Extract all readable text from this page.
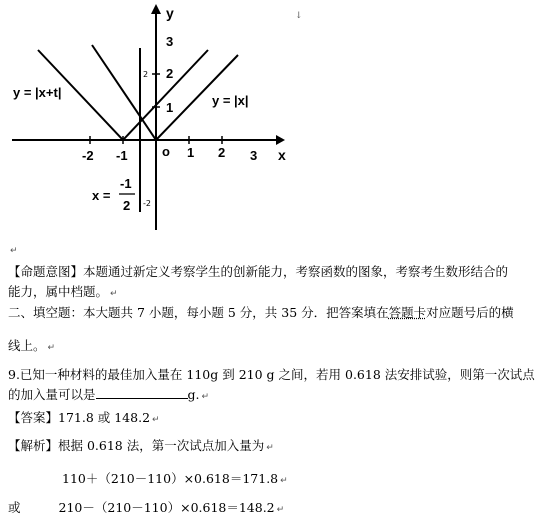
y
x
3
2
1
2
-2
-2 -1	o 1 2 3
y = |x+t|
y = |x|
x =
-1
2
↓
↵
【命题意图】本题通过新定义考察学生的创新能力，考察函数的图象，考察考生数形结合的
能力，属中档题。 ↵
二、填空题：本大题共 7 小题，每小题 5 分，共 35 分．把答案填在答题卡对应题号后的横
线上。 ↵
9.已知一种材料的最佳加入量在 110g 到 210 g 之间，若用 0.618 法安排试验，则第一次试点
的加入量可以是	g. ↵
【答案】171.8 或 148.2 ↵
【解析】根据 0.618 法，第一次试点加入量为 ↵
110＋（210－110）×0.618＝171.8 ↵
或	210－（210－110）×0.618＝148.2 ↵
